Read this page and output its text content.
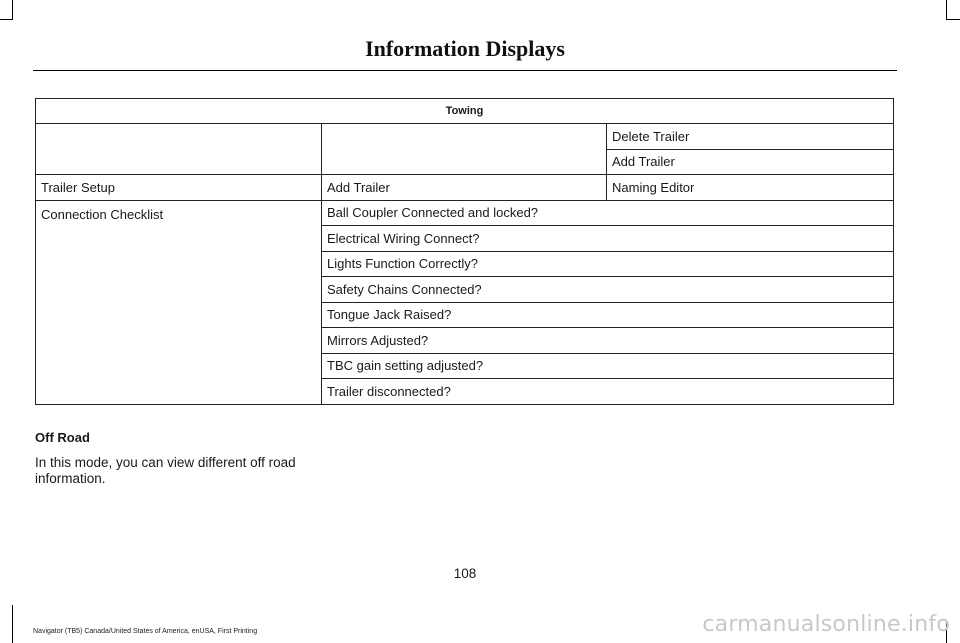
Information Displays
Towing		
		Delete Trailer
		Add Trailer
Trailer Setup	Add Trailer	Naming Editor
Connection Checklist	Ball Coupler Connected and locked?	
	Electrical Wiring Connect?	
	Lights Function Correctly?	
	Safety Chains Connected?	
	Tongue Jack Raised?	
	Mirrors Adjusted?	
	TBC gain setting adjusted?	
	Trailer disconnected?	
Off Road
In this mode, you can view different off road information.
108
Navigator (TB5) Canada/United States of America, enUSA, First Printing	carmanualsonline.info
